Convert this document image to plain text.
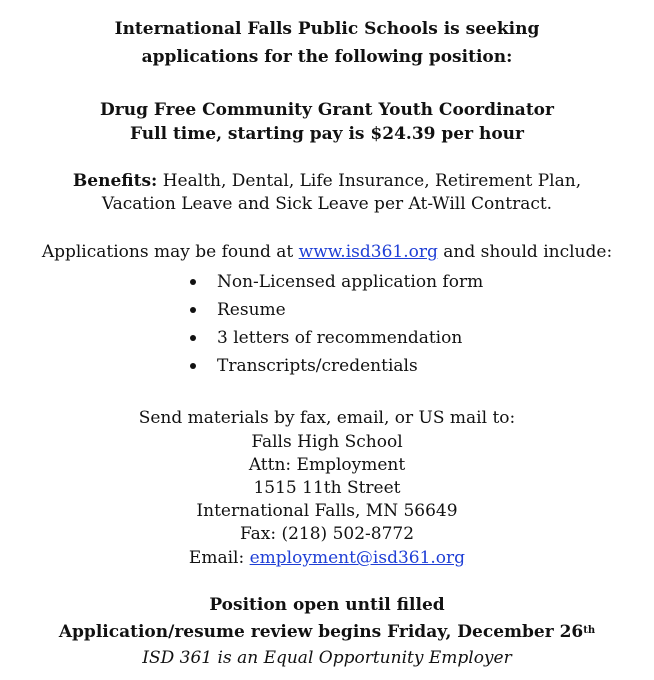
International Falls Public Schools is seeking
applications for the following position:
Drug Free Community Grant Youth Coordinator
Full time, starting pay is $24.39 per hour
Benefits: Health, Dental, Life Insurance, Retirement Plan,
Vacation Leave and Sick Leave per At-Will Contract.
Applications may be found at www.isd361.org and should include:
Non-Licensed application form
Resume
3 letters of recommendation
Transcripts/credentials
Send materials by fax, email, or US mail to:
Falls High School
Attn: Employment
1515 11th Street
International Falls, MN 56649
Fax: (218) 502-8772
Email: employment@isd361.org
Position open until filled
Application/resume review begins Friday, December 26th
ISD 361 is an Equal Opportunity Employer
